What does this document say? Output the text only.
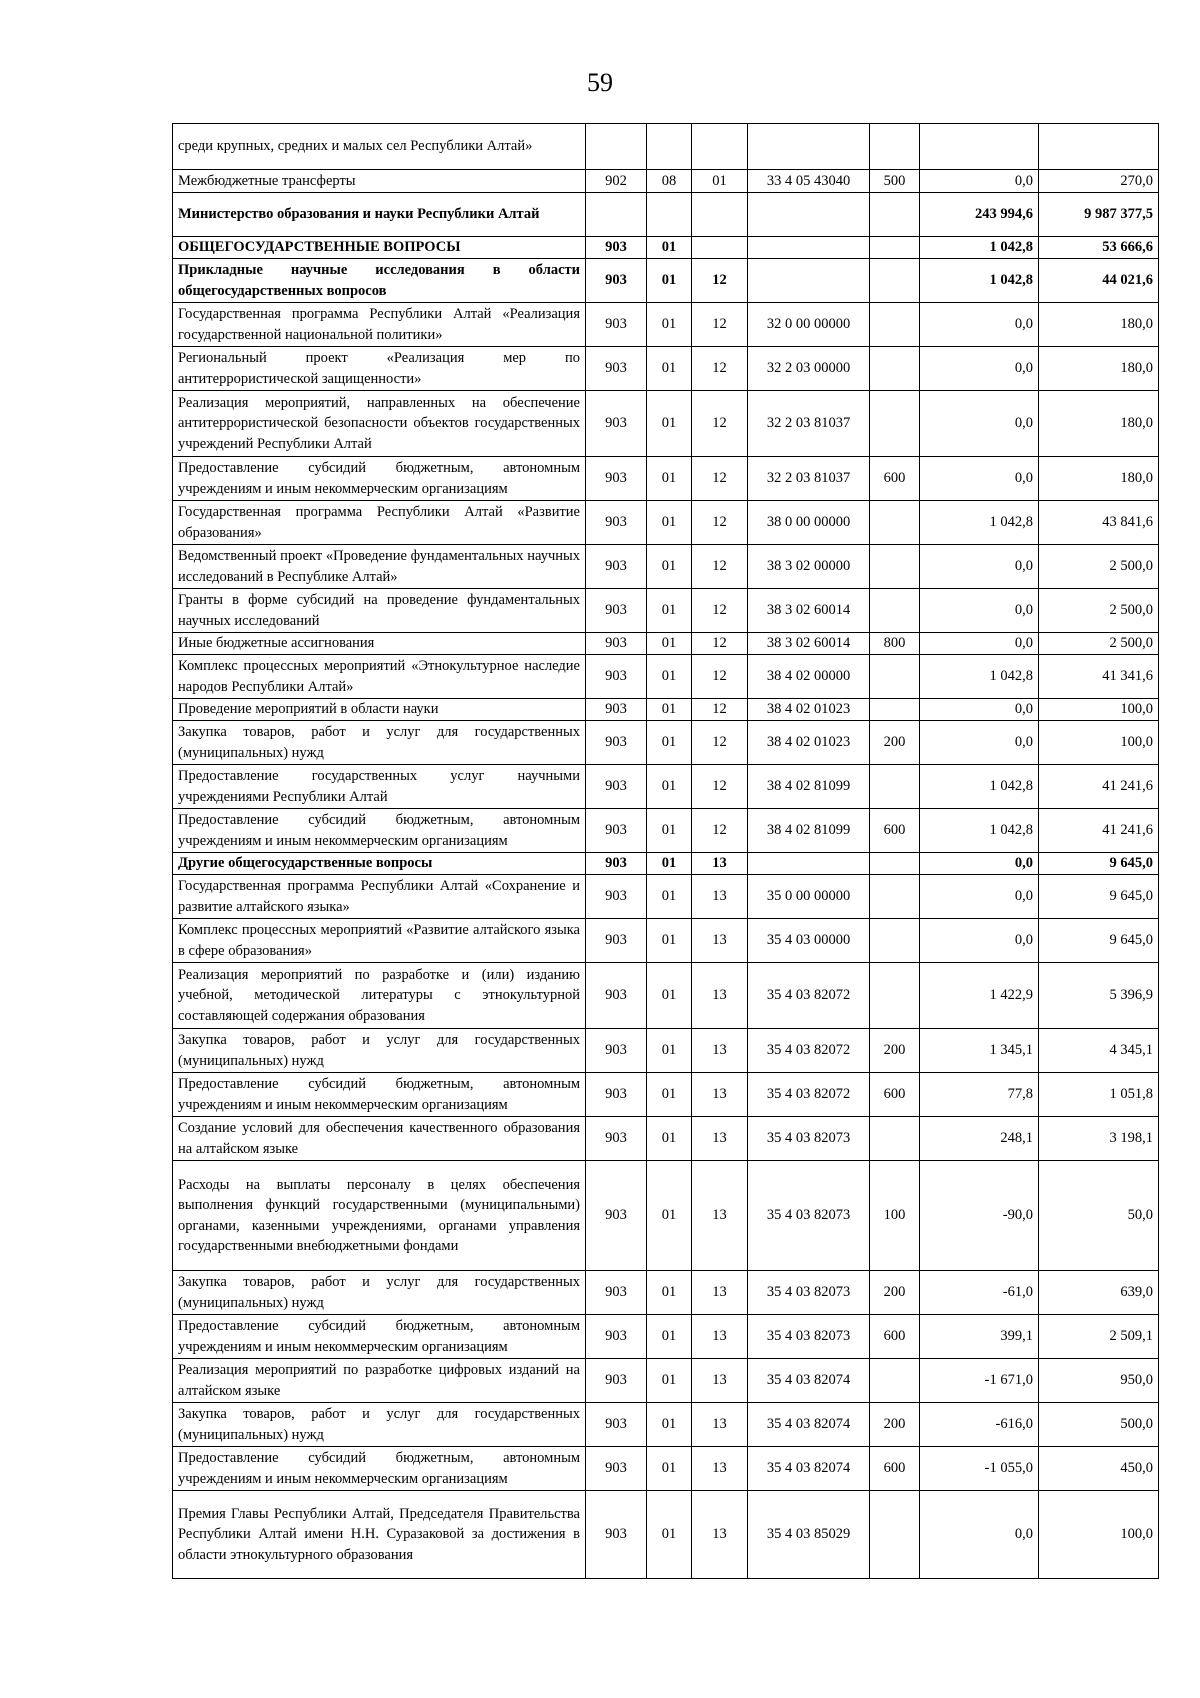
59
среди крупных, средних и малых сел Республики Алтай»							
Межбюджетные трансферты	902	08	01	33 4 05 43040	500	0,0	270,0
Министерство образования и науки Республики Алтай						243 994,6	9 987 377,5
ОБЩЕГОСУДАРСТВЕННЫЕ ВОПРОСЫ	903	01				1 042,8	53 666,6
Прикладные научные исследования в области общегосударственных вопросов	903	01	12			1 042,8	44 021,6
Государственная программа Республики Алтай «Реализация государственной национальной политики»	903	01	12	32 0 00 00000		0,0	180,0
Региональный проект «Реализация мер по антитеррористической защищенности»	903	01	12	32 2 03 00000		0,0	180,0
Реализация мероприятий, направленных на обеспечение антитеррористической безопасности объектов государственных учреждений Республики Алтай	903	01	12	32 2 03 81037		0,0	180,0
Предоставление субсидий бюджетным, автономным учреждениям и иным некоммерческим организациям	903	01	12	32 2 03 81037	600	0,0	180,0
Государственная программа Республики Алтай «Развитие образования»	903	01	12	38 0 00 00000		1 042,8	43 841,6
Ведомственный проект «Проведение фундаментальных научных исследований в Республике Алтай»	903	01	12	38 3 02 00000		0,0	2 500,0
Гранты в форме субсидий на проведение фундаментальных научных исследований	903	01	12	38 3 02 60014		0,0	2 500,0
Иные бюджетные ассигнования	903	01	12	38 3 02 60014	800	0,0	2 500,0
Комплекс процессных мероприятий «Этнокультурное наследие народов Республики Алтай»	903	01	12	38 4 02 00000		1 042,8	41 341,6
Проведение мероприятий в области науки	903	01	12	38 4 02 01023		0,0	100,0
Закупка товаров, работ и услуг для государственных (муниципальных) нужд	903	01	12	38 4 02 01023	200	0,0	100,0
Предоставление государственных услуг научными учреждениями Республики Алтай	903	01	12	38 4 02 81099		1 042,8	41 241,6
Предоставление субсидий бюджетным, автономным учреждениям и иным некоммерческим организациям	903	01	12	38 4 02 81099	600	1 042,8	41 241,6
Другие общегосударственные вопросы	903	01	13			0,0	9 645,0
Государственная программа Республики Алтай «Сохранение и развитие алтайского языка»	903	01	13	35 0 00 00000		0,0	9 645,0
Комплекс процессных мероприятий «Развитие алтайского языка в сфере образования»	903	01	13	35 4 03 00000		0,0	9 645,0
Реализация мероприятий по разработке и (или) изданию учебной, методической литературы с этнокультурной составляющей содержания образования	903	01	13	35 4 03 82072		1 422,9	5 396,9
Закупка товаров, работ и услуг для государственных (муниципальных) нужд	903	01	13	35 4 03 82072	200	1 345,1	4 345,1
Предоставление субсидий бюджетным, автономным учреждениям и иным некоммерческим организациям	903	01	13	35 4 03 82072	600	77,8	1 051,8
Создание условий для обеспечения качественного образования на алтайском языке	903	01	13	35 4 03 82073		248,1	3 198,1
Расходы на выплаты персоналу в целях обеспечения выполнения функций государственными (муниципальными) органами, казенными учреждениями, органами управления государственными внебюджетными фондами	903	01	13	35 4 03 82073	100	-90,0	50,0
Закупка товаров, работ и услуг для государственных (муниципальных) нужд	903	01	13	35 4 03 82073	200	-61,0	639,0
Предоставление субсидий бюджетным, автономным учреждениям и иным некоммерческим организациям	903	01	13	35 4 03 82073	600	399,1	2 509,1
Реализация мероприятий по разработке цифровых изданий на алтайском языке	903	01	13	35 4 03 82074		-1 671,0	950,0
Закупка товаров, работ и услуг для государственных (муниципальных) нужд	903	01	13	35 4 03 82074	200	-616,0	500,0
Предоставление субсидий бюджетным, автономным учреждениям и иным некоммерческим организациям	903	01	13	35 4 03 82074	600	-1 055,0	450,0
Премия Главы Республики Алтай, Председателя Правительства Республики Алтай имени Н.Н. Суразаковой за достижения в области этнокультурного образования	903	01	13	35 4 03 85029		0,0	100,0
